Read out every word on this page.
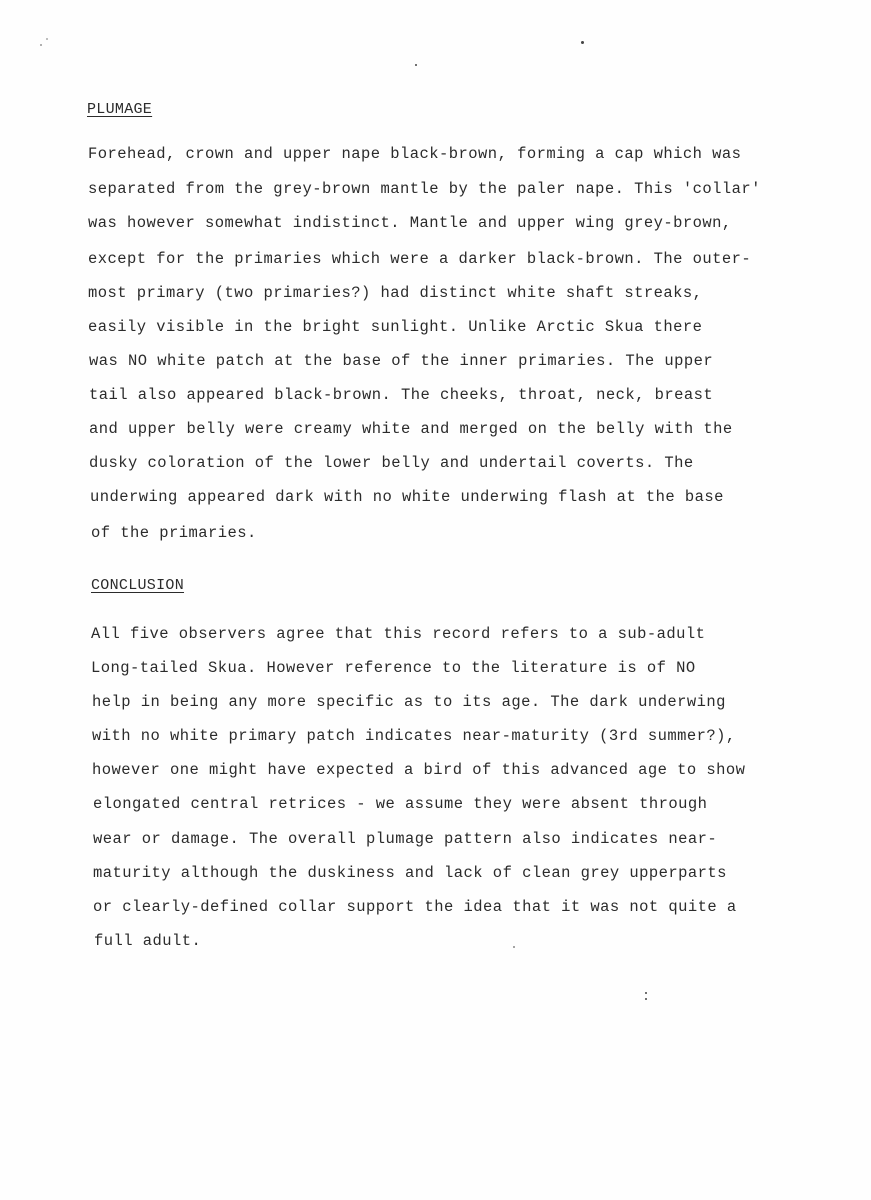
PLUMAGE
Forehead, crown and upper nape black-brown, forming a cap which was
separated from the grey-brown mantle by the paler nape. This 'collar'
was however somewhat indistinct. Mantle and upper wing grey-brown,
except for the primaries which were a darker black-brown. The outer-
most primary (two primaries?) had distinct white shaft streaks,
easily visible in the bright sunlight. Unlike Arctic Skua there
was NO white patch at the base of the inner primaries. The upper
tail also appeared black-brown. The cheeks, throat, neck, breast
and upper belly were creamy white and merged on the belly with the
dusky coloration of the lower belly and undertail coverts. The
underwing appeared dark with no white underwing flash at the base
of the primaries.
CONCLUSION
All five observers agree that this record refers to a sub-adult
Long-tailed Skua. However reference to the literature is of NO
help in being any more specific as to its age. The dark underwing
with no white primary patch indicates near-maturity (3rd summer?),
however one might have expected a bird of this advanced age to show
elongated central retrices - we assume they were absent through
wear or damage. The overall plumage pattern also indicates near-
maturity although the duskiness and lack of clean grey upperparts
or clearly-defined collar support the idea that it was not quite a
full adult.
